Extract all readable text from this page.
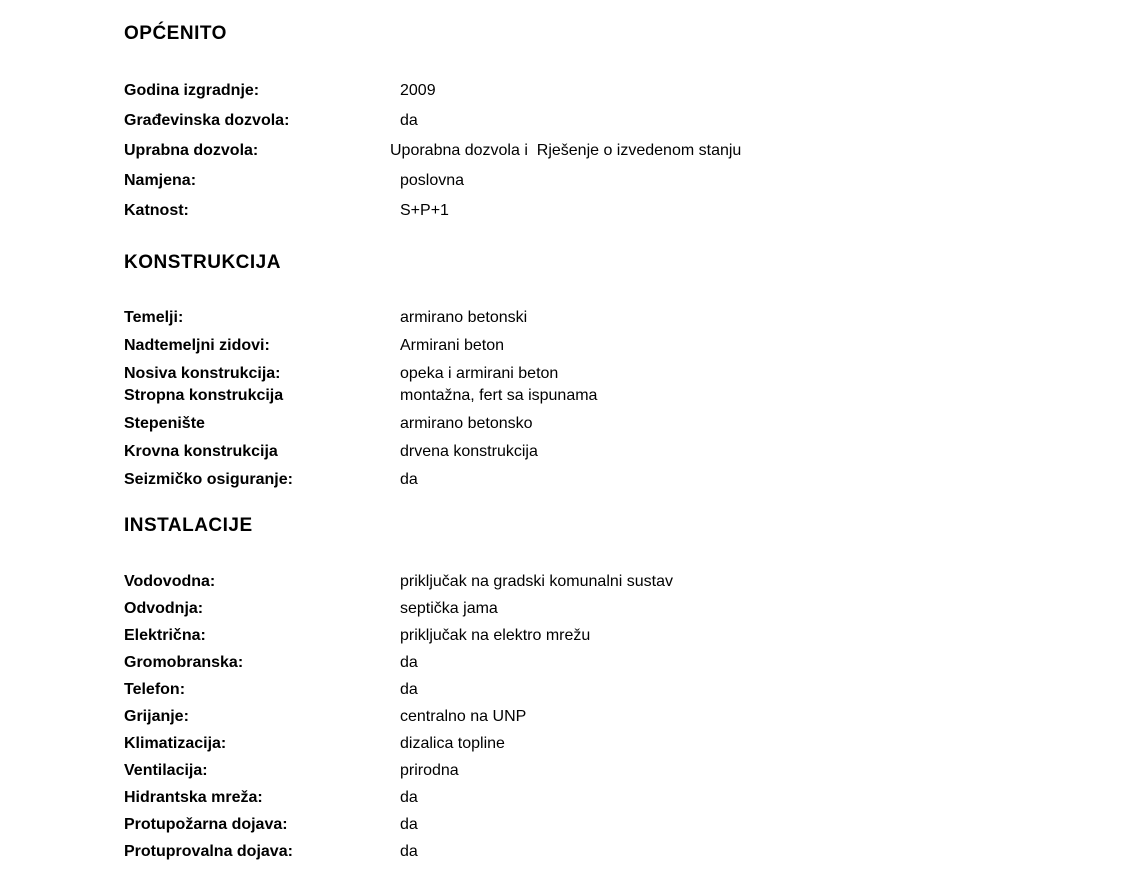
OPĆENITO
Godina izgradnje:	2009
Građevinska dozvola:	da
Uprabna dozvola:	Uporabna dozvola i  Rješenje o izvedenom stanju
Namjena:	poslovna
Katnost:	S+P+1
KONSTRUKCIJA
Temelji:	armirano betonski
Nadtemeljni zidovi:	Armirani beton
Nosiva konstrukcija:	opeka i armirani beton
Stropna konstrukcija	montažna, fert sa ispunama
Stepenište	armirano betonsko
Krovna konstrukcija	drvena konstrukcija
Seizmičko osiguranje:	da
INSTALACIJE
Vodovodna:	priključak na gradski komunalni sustav
Odvodnja:	septička jama
Električna:	priključak na elektro mrežu
Gromobranska:	da
Telefon:	da
Grijanje:	centralno na UNP
Klimatizacija:	dizalica topline
Ventilacija:	prirodna
Hidrantska mreža:	da
Protupožarna dojava:	da
Protuprovalna dojava:	da
